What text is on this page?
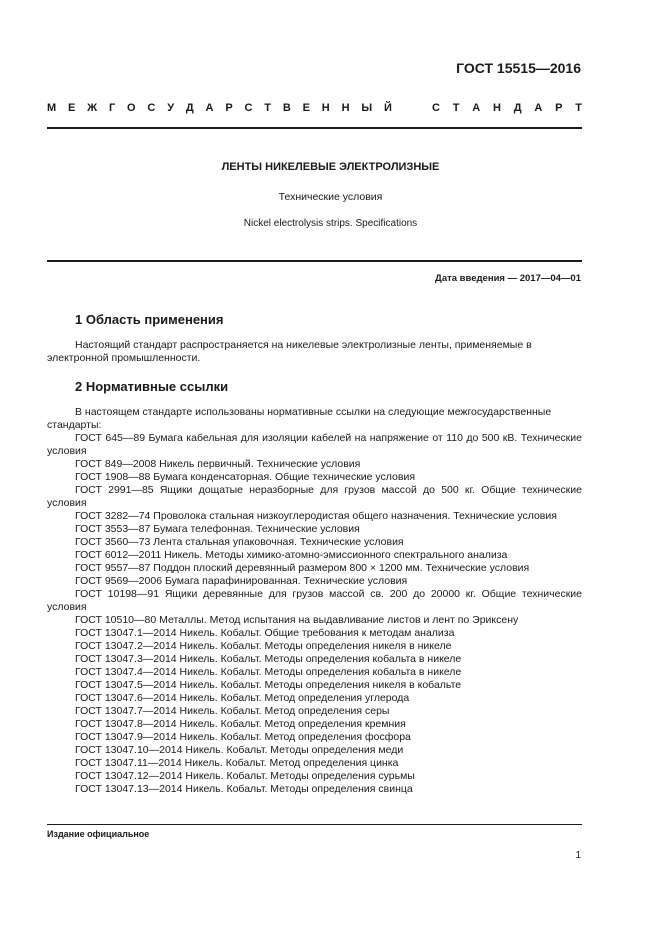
ГОСТ 15515—2016
М Е Ж Г О С У Д А Р С Т В Е Н Н Ы Й	С Т А Н Д А Р Т
ЛЕНТЫ НИКЕЛЕВЫЕ ЭЛЕКТРОЛИЗНЫЕ
Технические условия
Nickel electrolysis strips. Specifications
Дата введения — 2017—04—01
1 Область применения
Настоящий стандарт распространяется на никелевые электролизные ленты, применяемые в электронной промышленности.
2 Нормативные ссылки
В настоящем стандарте использованы нормативные ссылки на следующие межгосударственные стандарты:
ГОСТ 645—89 Бумага кабельная для изоляции кабелей на напряжение от 110 до 500 кВ. Технические условия
ГОСТ 849—2008 Никель первичный. Технические условия
ГОСТ 1908—88 Бумага конденсаторная. Общие технические условия
ГОСТ 2991—85 Ящики дощатые неразборные для грузов массой до 500 кг. Общие технические условия
ГОСТ 3282—74 Проволока стальная низкоуглеродистая общего назначения. Технические условия
ГОСТ 3553—87 Бумага телефонная. Технические условия
ГОСТ 3560—73 Лента стальная упаковочная. Технические условия
ГОСТ 6012—2011 Никель. Методы химико-атомно-эмиссионного спектрального анализа
ГОСТ 9557—87 Поддон плоский деревянный размером 800 × 1200 мм. Технические условия
ГОСТ 9569—2006 Бумага парафинированная. Технические условия
ГОСТ 10198—91 Ящики деревянные для грузов массой св. 200 до 20000 кг. Общие технические условия
ГОСТ 10510—80 Металлы. Метод испытания на выдавливание листов и лент по Эриксену
ГОСТ 13047.1—2014 Никель. Кобальт. Общие требования к методам анализа
ГОСТ 13047.2—2014 Никель. Кобальт. Методы определения никеля в никеле
ГОСТ 13047.3—2014 Никель. Кобальт. Методы определения кобальта в никеле
ГОСТ 13047.4—2014 Никель. Кобальт. Методы определения кобальта в никеле
ГОСТ 13047.5—2014 Никель. Кобальт. Методы определения никеля в кобальте
ГОСТ 13047.6—2014 Никель. Кобальт. Метод определения углерода
ГОСТ 13047.7—2014 Никель. Кобальт. Метод определения серы
ГОСТ 13047.8—2014 Никель. Кобальт. Метод определения кремния
ГОСТ 13047.9—2014 Никель. Кобальт. Метод определения фосфора
ГОСТ 13047.10—2014 Никель. Кобальт. Методы определения меди
ГОСТ 13047.11—2014 Никель. Кобальт. Метод определения цинка
ГОСТ 13047.12—2014 Никель. Кобальт. Методы определения сурьмы
ГОСТ 13047.13—2014 Никель. Кобальт. Методы определения свинца
Издание официальное
1
